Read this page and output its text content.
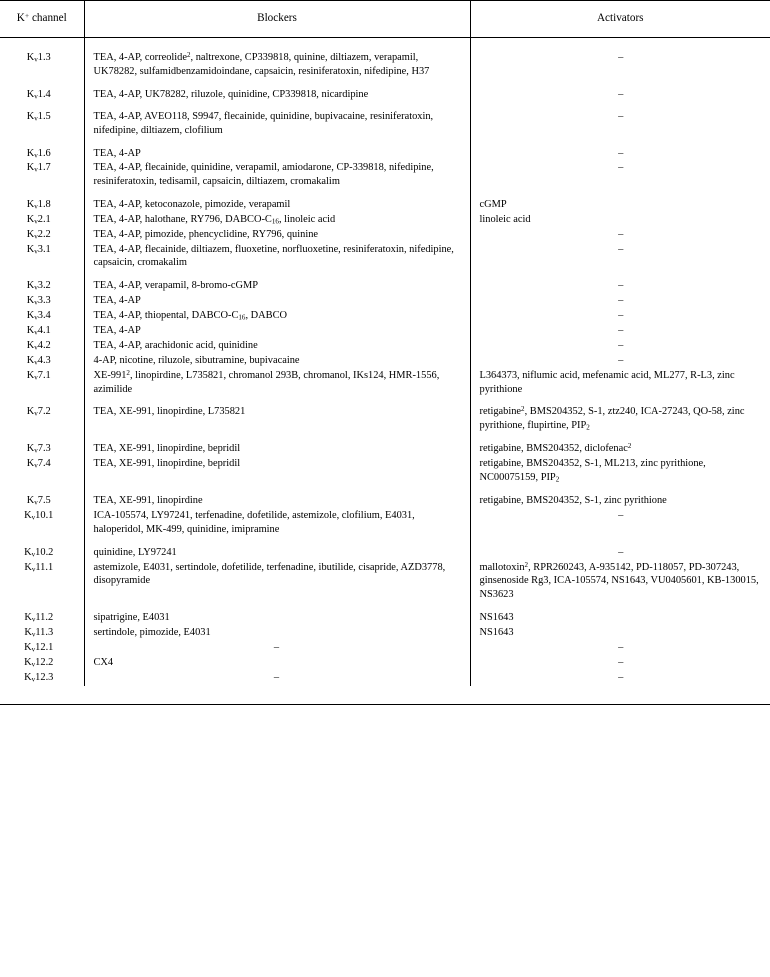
K+ channel	Blockers	Activators
$K_v1.3$	TEA, 4-AP, correolide$^2$, naltrexone, CP339818, quinine, diltiazem, verapamil, UK78282, sulfamidbenzamidoindane, capsaicin, resiniferatoxin, nifedipine, H37	–
$K_v1.4$	TEA, 4-AP, UK78282, riluzole, quinidine, CP339818, nicardipine	–
$K_v1.5$	TEA, 4-AP, AVEO118, S9947, flecainide, quinidine, bupivacaine, resiniferatoxin, nifedipine, diltiazem, clofilium	–
$K_v1.6$	TEA, 4-AP	–
$K_v1.7$	TEA, 4-AP, flecainide, quinidine, verapamil, amiodarone, CP-339818, nifedipine, resiniferatoxin, tedisamil, capsaicin, diltiazem, cromakalim	–
$K_v1.8$	TEA, 4-AP, ketoconazole, pimozide, verapamil	cGMP
$K_v2.1$	TEA, 4-AP, halothane, RY796, DABCO-$C_{16}$, linoleic acid	linoleic acid
$K_v2.2$	TEA, 4-AP, pimozide, phencyclidine, RY796, quinine	–
$K_v3.1$	TEA, 4-AP, flecainide, diltiazem, fluoxetine, norfluoxetine, resiniferatoxin, nifedipine, capsaicin, cromakalim	–
$K_v3.2$	TEA, 4-AP, verapamil, 8-bromo-cGMP	–
$K_v3.3$	TEA, 4-AP	–
$K_v3.4$	TEA, 4-AP, thiopental, DABCO-$C_{16}$, DABCO	–
$K_v4.1$	TEA, 4-AP	–
$K_v4.2$	TEA, 4-AP, arachidonic acid, quinidine	–
$K_v4.3$	4-AP, nicotine, riluzole, sibutramine, bupivacaine	–
$K_v7.1$	$XE-991^2$, linopirdine, L735821, chromanol 293B, chromanol, IKs124, HMR-1556, azimilide	L364373, niflumic acid, mefenamic acid, ML277, R-L3, zinc pyrithione
$K_v7.2$	TEA, XE-991, linopirdine, L735821	retigabine$^2$, BMS204352, S-1, ztz240, ICA-27243, QO-58, zinc pyrithione, flupirtine, $PIP_2$
$K_v7.3$	TEA, XE-991, linopirdine, bepridil	retigabine, BMS204352, diclofenac$^2$
$K_v7.4$	TEA, XE-991, linopirdine, bepridil	retigabine, BMS204352, S-1, ML213, zinc pyrithione, NC00075159, $PIP_2$
$K_v7.5$	TEA, XE-991, linopirdine	retigabine, BMS204352, S-1, zinc pyrithione
$K_v10.1$	ICA-105574, LY97241, terfenadine, dofetilide, astemizole, clofilium, E4031, haloperidol, MK-499, quinidine, imipramine	–
$K_v10.2$	quinidine, LY97241	–
$K_v11.1$	astemizole, E4031, sertindole, dofetilide, terfenadine, ibutilide, cisapride, AZD3778, disopyramide	mallotoxin$^2$, RPR260243, A-935142, PD-118057, PD-307243, ginsenoside Rg3, ICA-105574, NS1643, VU0405601, KB-130015, NS3623
$K_v11.2$	sipatrigine, E4031	NS1643
$K_v11.3$	sertindole, pimozide, E4031	NS1643
$K_v12.1$	–	–
$K_v12.2$	CX4	–
$K_v12.3$	–	–
